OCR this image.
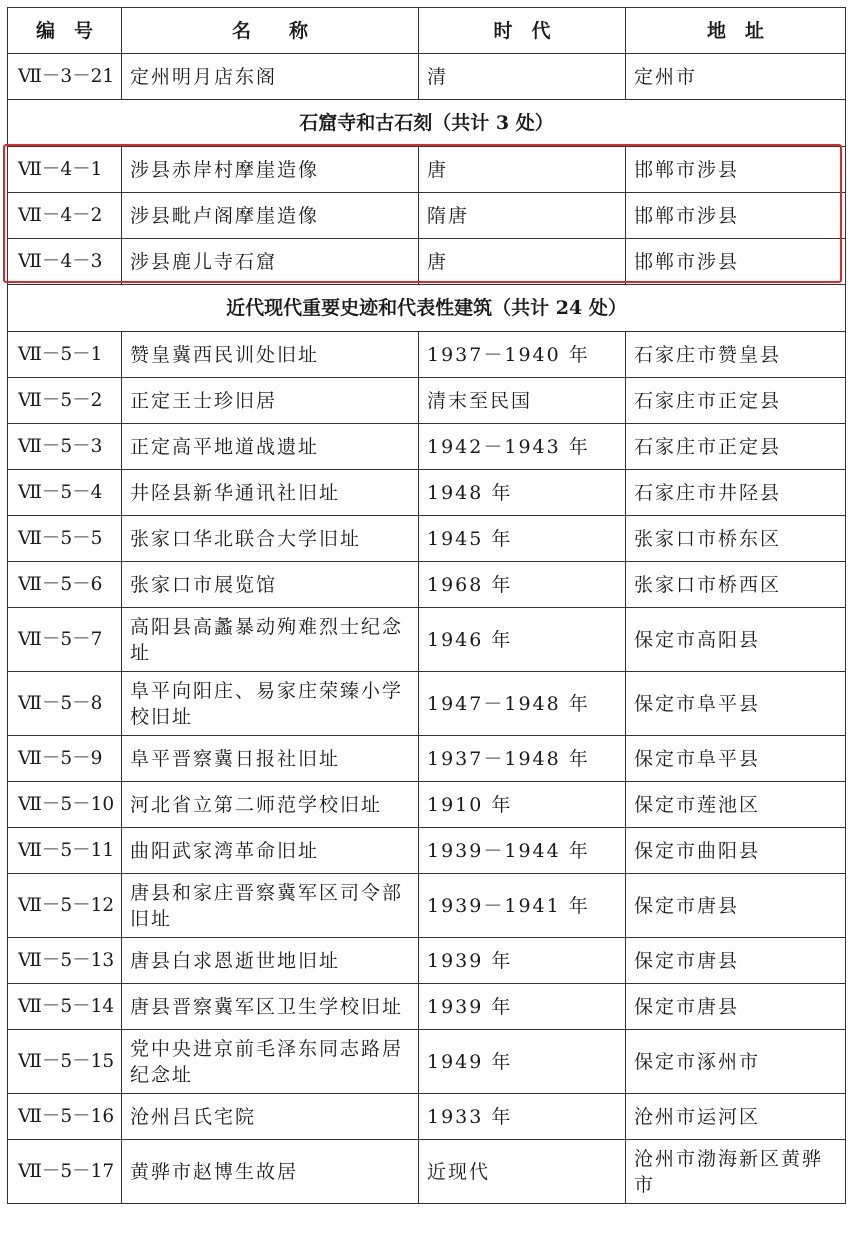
编　号	名　　称	时　代	地　址
Ⅶ－3－21	定州明月店东阁	清	定州市
石窟寺和古石刻（共计 3 处）			
Ⅶ－4－1	涉县赤岸村摩崖造像	唐	邯郸市涉县
Ⅶ－4－2	涉县毗卢阁摩崖造像	隋唐	邯郸市涉县
Ⅶ－4－3	涉县鹿儿寺石窟	唐	邯郸市涉县
近代现代重要史迹和代表性建筑（共计 24 处）			
Ⅶ－5－1	赞皇冀西民训处旧址	1937－1940 年	石家庄市赞皇县
Ⅶ－5－2	正定王士珍旧居	清末至民国	石家庄市正定县
Ⅶ－5－3	正定高平地道战遗址	1942－1943 年	石家庄市正定县
Ⅶ－5－4	井陉县新华通讯社旧址	1948 年	石家庄市井陉县
Ⅶ－5－5	张家口华北联合大学旧址	1945 年	张家口市桥东区
Ⅶ－5－6	张家口市展览馆	1968 年	张家口市桥西区
Ⅶ－5－7	高阳县高蠡暴动殉难烈士纪念址	1946 年	保定市高阳县
Ⅶ－5－8	阜平向阳庄、易家庄荣臻小学校旧址	1947－1948 年	保定市阜平县
Ⅶ－5－9	阜平晋察冀日报社旧址	1937－1948 年	保定市阜平县
Ⅶ－5－10	河北省立第二师范学校旧址	1910 年	保定市莲池区
Ⅶ－5－11	曲阳武家湾革命旧址	1939－1944 年	保定市曲阳县
Ⅶ－5－12	唐县和家庄晋察冀军区司令部旧址	1939－1941 年	保定市唐县
Ⅶ－5－13	唐县白求恩逝世地旧址	1939 年	保定市唐县
Ⅶ－5－14	唐县晋察冀军区卫生学校旧址	1939 年	保定市唐县
Ⅶ－5－15	党中央进京前毛泽东同志路居纪念址	1949 年	保定市涿州市
Ⅶ－5－16	沧州吕氏宅院	1933 年	沧州市运河区
Ⅶ－5－17	黄骅市赵博生故居	近现代	沧州市渤海新区黄骅市
